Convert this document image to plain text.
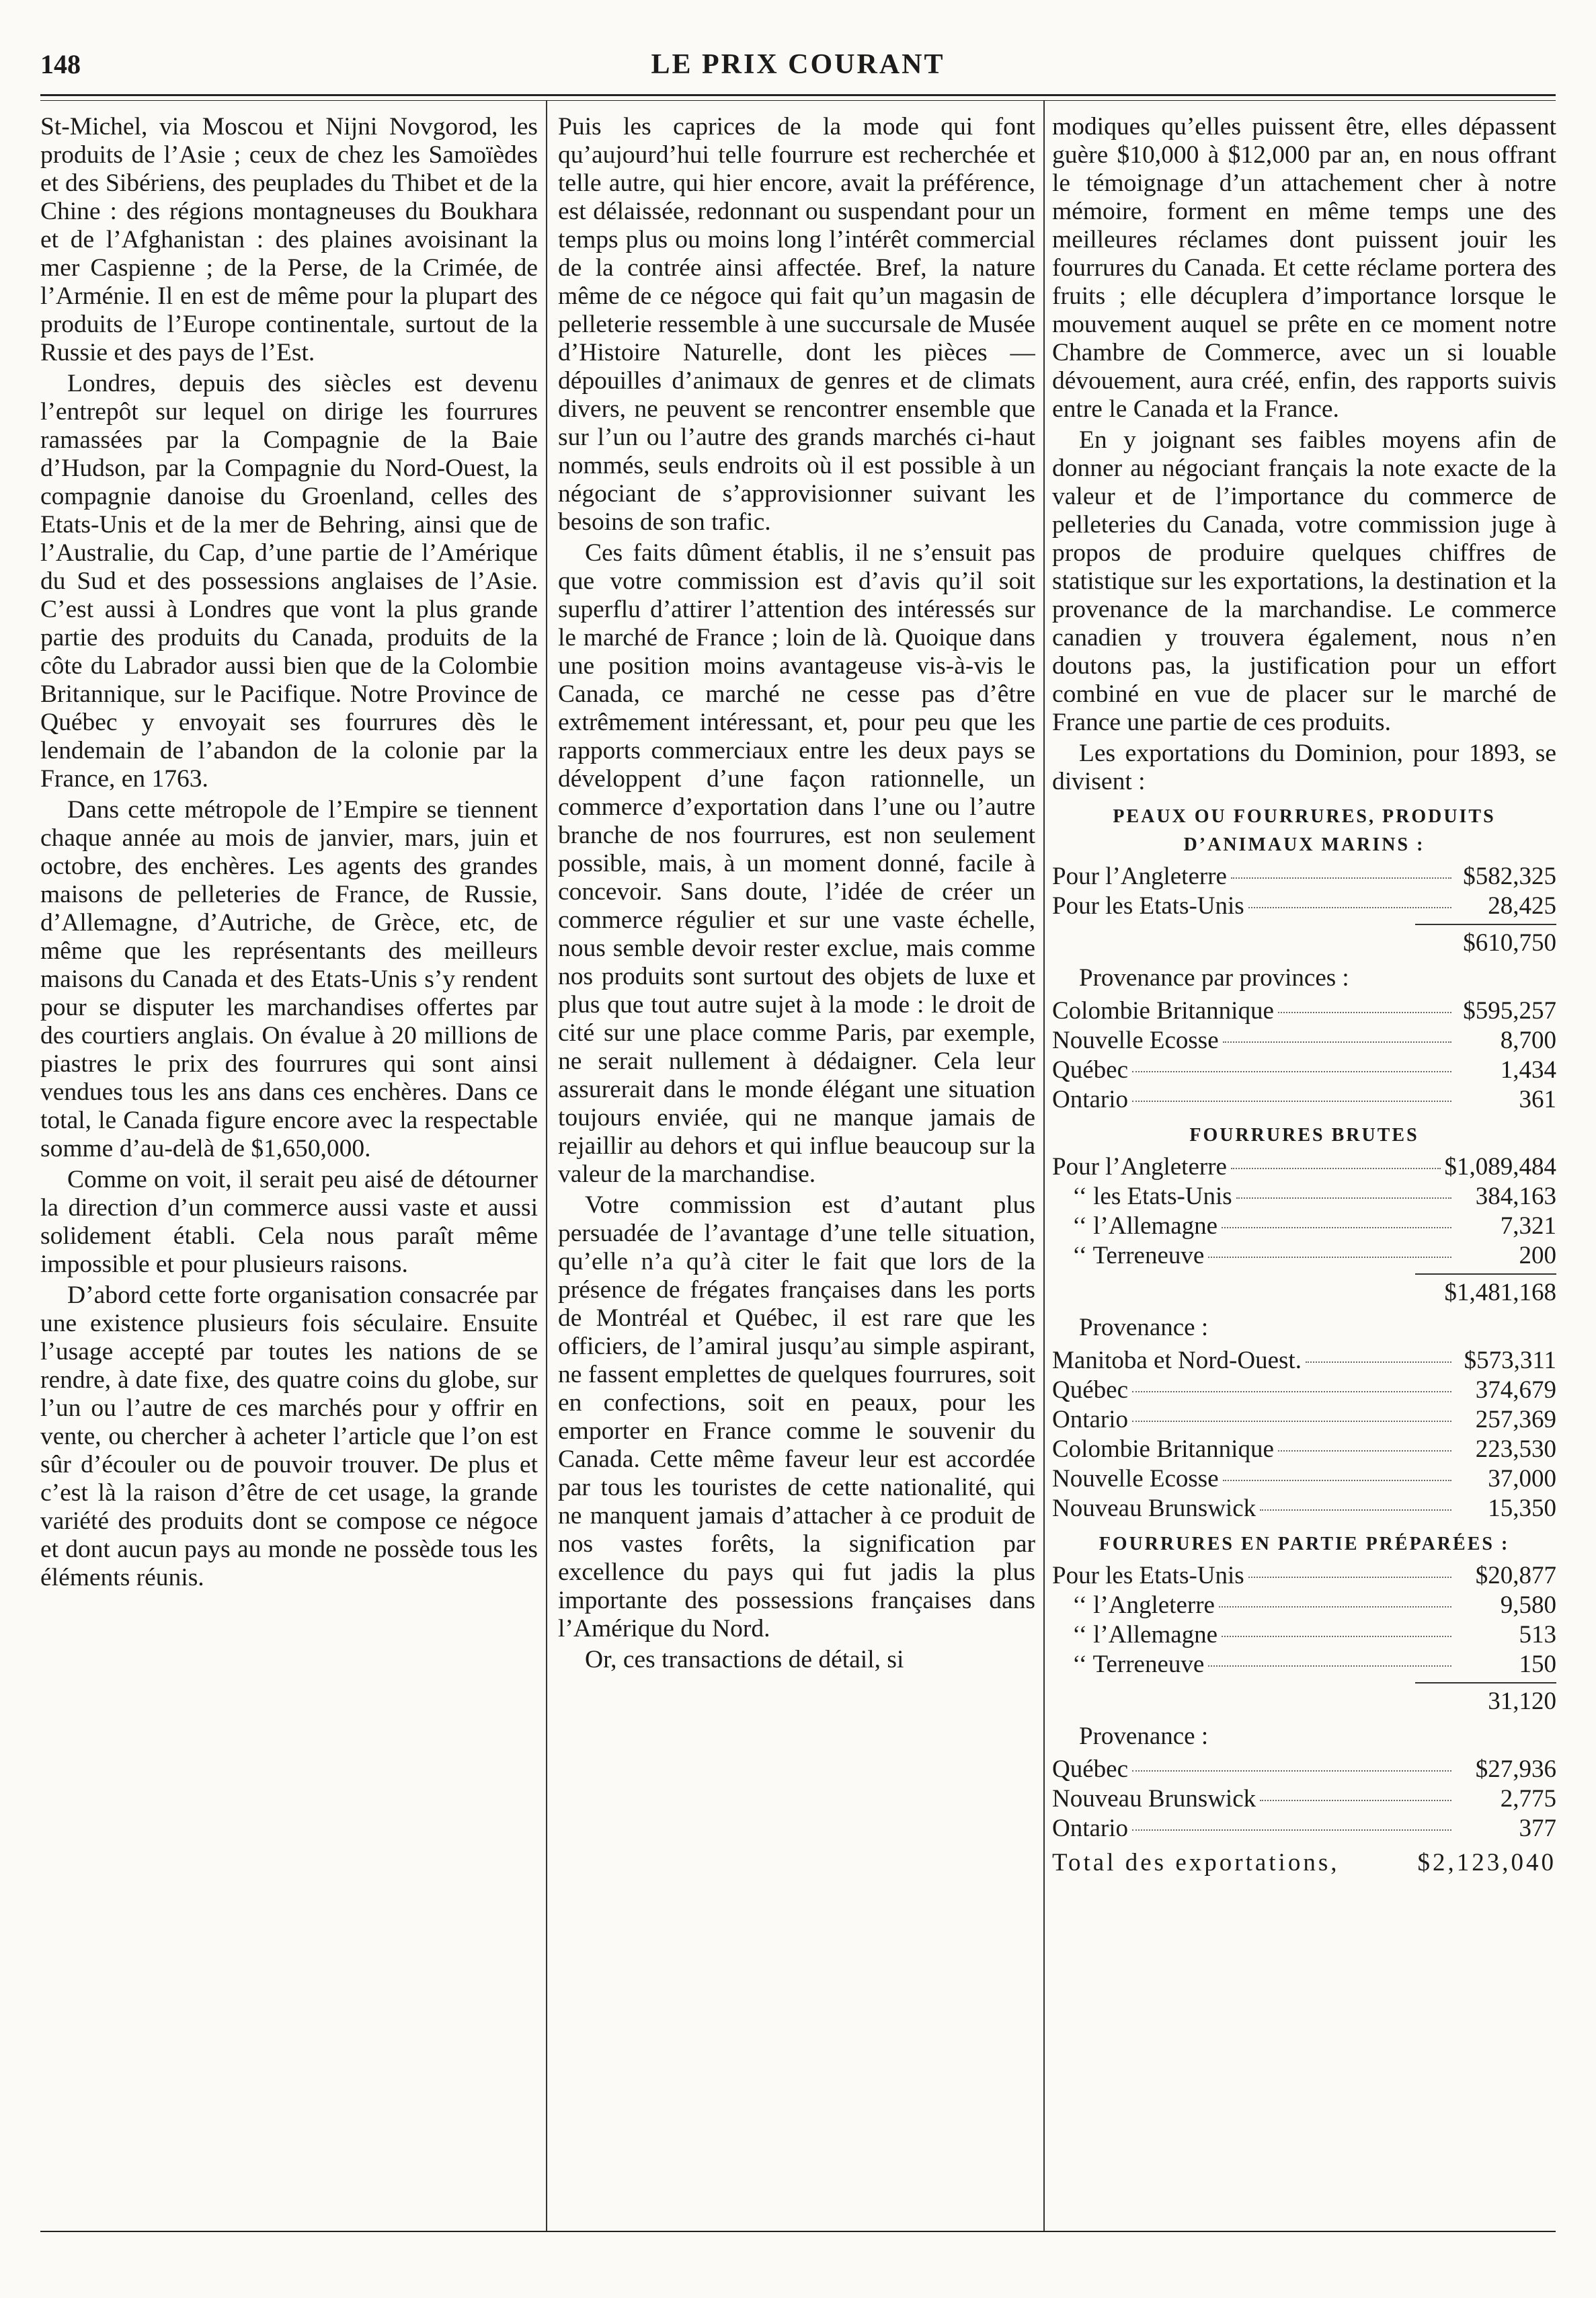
148	LE PRIX COURANT

St-Michel, via Moscou et Nijni Novgorod, les produits de l’Asie ; ceux de chez les Samoïèdes et des Sibériens, des peuplades du Thibet et de la Chine : des régions montagneuses du Boukhara et de l’Afghanistan : des plaines avoisinant la mer Caspienne ; de la Perse, de la Crimée, de l’Arménie. Il en est de même pour la plupart des produits de l’Europe continentale, surtout de la Russie et des pays de l’Est.

Londres, depuis des siècles est devenu l’entrepôt sur lequel on dirige les fourrures ramassées par la Compagnie de la Baie d’Hudson, par la Compagnie du Nord-Ouest, la compagnie danoise du Groenland, celles des Etats-Unis et de la mer de Behring, ainsi que de l’Australie, du Cap, d’une partie de l’Amérique du Sud et des possessions anglaises de l’Asie. C’est aussi à Londres que vont la plus grande partie des produits du Canada, produits de la côte du Labrador aussi bien que de la Colombie Britannique, sur le Pacifique. Notre Province de Québec y envoyait ses fourrures dès le lendemain de l’abandon de la colonie par la France, en 1763.

Dans cette métropole de l’Empire se tiennent chaque année au mois de janvier, mars, juin et octobre, des enchères. Les agents des grandes maisons de pelleteries de France, de Russie, d’Allemagne, d’Autriche, de Grèce, etc, de même que les représentants des meilleurs maisons du Canada et des Etats-Unis s’y rendent pour se disputer les marchandises offertes par des courtiers anglais. On évalue à 20 millions de piastres le prix des fourrures qui sont ainsi vendues tous les ans dans ces enchères. Dans ce total, le Canada figure encore avec la respectable somme d’au-delà de $1,650,000.

Comme on voit, il serait peu aisé de détourner la direction d’un commerce aussi vaste et aussi solidement établi. Cela nous paraît même impossible et pour plusieurs raisons.

D’abord cette forte organisation consacrée par une existence plusieurs fois séculaire. Ensuite l’usage accepté par toutes les nations de se rendre, à date fixe, des quatre coins du globe, sur l’un ou l’autre de ces marchés pour y offrir en vente, ou chercher à acheter l’article que l’on est sûr d’écouler ou de pouvoir trouver. De plus et c’est là la raison d’être de cet usage, la grande variété des produits dont se compose ce négoce et dont aucun pays au monde ne possède tous les éléments réunis.

Puis les caprices de la mode qui font qu’aujourd’hui telle fourrure est recherchée et telle autre, qui hier encore, avait la préférence, est délaissée, redonnant ou suspendant pour un temps plus ou moins long l’intérêt commercial de la contrée ainsi affectée. Bref, la nature même de ce négoce qui fait qu’un magasin de pelleterie ressemble à une succursale de Musée d’Histoire Naturelle, dont les pièces — dépouilles d’animaux de genres et de climats divers, ne peuvent se rencontrer ensemble que sur l’un ou l’autre des grands marchés ci-haut nommés, seuls endroits où il est possible à un négociant de s’approvisionner suivant les besoins de son trafic.

Ces faits dûment établis, il ne s’ensuit pas que votre commission est d’avis qu’il soit superflu d’attirer l’attention des intéressés sur le marché de France ; loin de là. Quoique dans une position moins avantageuse vis-à-vis le Canada, ce marché ne cesse pas d’être extrêmement intéressant, et, pour peu que les rapports commerciaux entre les deux pays se développent d’une façon rationnelle, un commerce d’exportation dans l’une ou l’autre branche de nos fourrures, est non seulement possible, mais, à un moment donné, facile à concevoir. Sans doute, l’idée de créer un commerce régulier et sur une vaste échelle, nous semble devoir rester exclue, mais comme nos produits sont surtout des objets de luxe et plus que tout autre sujet à la mode : le droit de cité sur une place comme Paris, par exemple, ne serait nullement à dédaigner. Cela leur assurerait dans le monde élégant une situation toujours enviée, qui ne manque jamais de rejaillir au dehors et qui influe beaucoup sur la valeur de la marchandise.

Votre commission est d’autant plus persuadée de l’avantage d’une telle situation, qu’elle n’a qu’à citer le fait que lors de la présence de frégates françaises dans les ports de Montréal et Québec, il est rare que les officiers, de l’amiral jusqu’au simple aspirant, ne fassent emplettes de quelques fourrures, soit en confections, soit en peaux, pour les emporter en France comme le souvenir du Canada. Cette même faveur leur est accordée par tous les touristes de cette nationalité, qui ne manquent jamais d’attacher à ce produit de nos vastes forêts, la signification par excellence du pays qui fut jadis la plus importante des possessions françaises dans l’Amérique du Nord.

Or, ces transactions de détail, si

modiques qu’elles puissent être, elles dépassent guère $10,000 à $12,000 par an, en nous offrant le témoignage d’un attachement cher à notre mémoire, forment en même temps une des meilleures réclames dont puissent jouir les fourrures du Canada. Et cette réclame portera des fruits ; elle décuplera d’importance lorsque le mouvement auquel se prête en ce moment notre Chambre de Commerce, avec un si louable dévouement, aura créé, enfin, des rapports suivis entre le Canada et la France.

En y joignant ses faibles moyens afin de donner au négociant français la note exacte de la valeur et de l’importance du commerce de pelleteries du Canada, votre commission juge à propos de produire quelques chiffres de statistique sur les exportations, la destination et la provenance de la marchandise. Le commerce canadien y trouvera également, nous n’en doutons pas, la justification pour un effort combiné en vue de placer sur le marché de France une partie de ces produits.

Les exportations du Dominion, pour 1893, se divisent :

PEAUX OU FOURRURES, PRODUITS D’ANIMAUX MARINS :
Pour l’Angleterre	$582,325
Pour les Etats-Unis	28,425
$610,750
Provenance par provinces :
Colombie Britannique	$595,257
Nouvelle Ecosse	8,700
Québec	1,434
Ontario	361
FOURRURES BRUTES
Pour l’Angleterre	$1,089,484
‘‘ les Etats-Unis	384,163
‘‘ l’Allemagne	7,321
‘‘ Terreneuve	200
$1,481,168
Provenance :
Manitoba et Nord-Ouest.	$573,311
Québec	374,679
Ontario	257,369
Colombie Britannique	223,530
Nouvelle Ecosse	37,000
Nouveau Brunswick	15,350
FOURRURES EN PARTIE PRÉPARÉES :
Pour les Etats-Unis	$20,877
‘‘ l’Angleterre	9,580
‘‘ l’Allemagne	513
‘‘ Terreneuve	150
31,120
Provenance :
Québec	$27,936
Nouveau Brunswick	2,775
Ontario	377
Total des exportations,	$2,123,040
